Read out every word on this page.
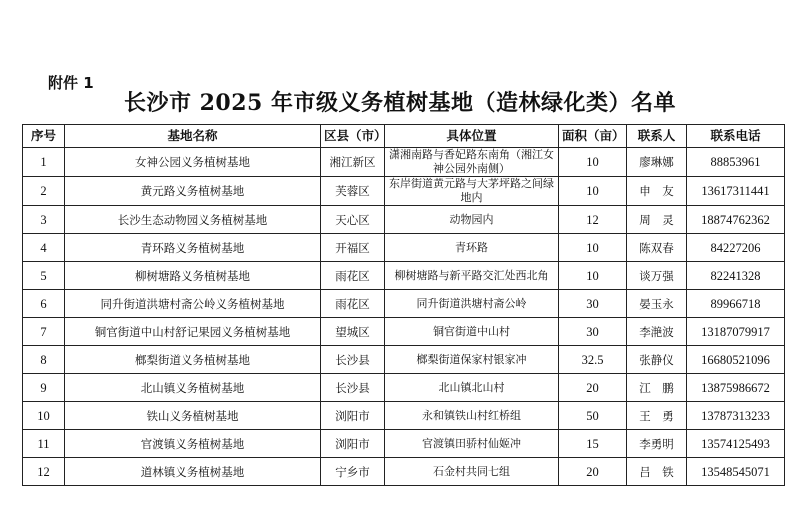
附件 1
长沙市 2025 年市级义务植树基地（造林绿化类）名单
序号	基地名称	区县（市）	具体位置	面积（亩）	联系人	联系电话
1	女神公园义务植树基地	湘江新区	潇湘南路与香妃路东南角（湘江女神公园外南侧）	10	廖琳娜	88853961
2	黄元路义务植树基地	芙蓉区	东岸街道黄元路与大茅坪路之间绿地内	10	申　友	13617311441
3	长沙生态动物园义务植树基地	天心区	动物园内	12	周　灵	18874762362
4	青环路义务植树基地	开福区	青环路	10	陈双春	84227206
5	柳树塘路义务植树基地	雨花区	柳树塘路与新平路交汇处西北角	10	谈万强	82241328
6	同升街道洪塘村斋公岭义务植树基地	雨花区	同升街道洪塘村斋公岭	30	晏玉永	89966718
7	铜官街道中山村舒记果园义务植树基地	望城区	铜官街道中山村	30	李滟波	13187079917
8	榔梨街道义务植树基地	长沙县	榔梨街道保家村银家冲	32.5	张静仪	16680521096
9	北山镇义务植树基地	长沙县	北山镇北山村	20	江　鹏	13875986672
10	铁山义务植树基地	浏阳市	永和镇铁山村红桥组	50	王　勇	13787313233
11	官渡镇义务植树基地	浏阳市	官渡镇田骄村仙姬冲	15	李勇明	13574125493
12	道林镇义务植树基地	宁乡市	石金村共同七组	20	吕　铁	13548545071
